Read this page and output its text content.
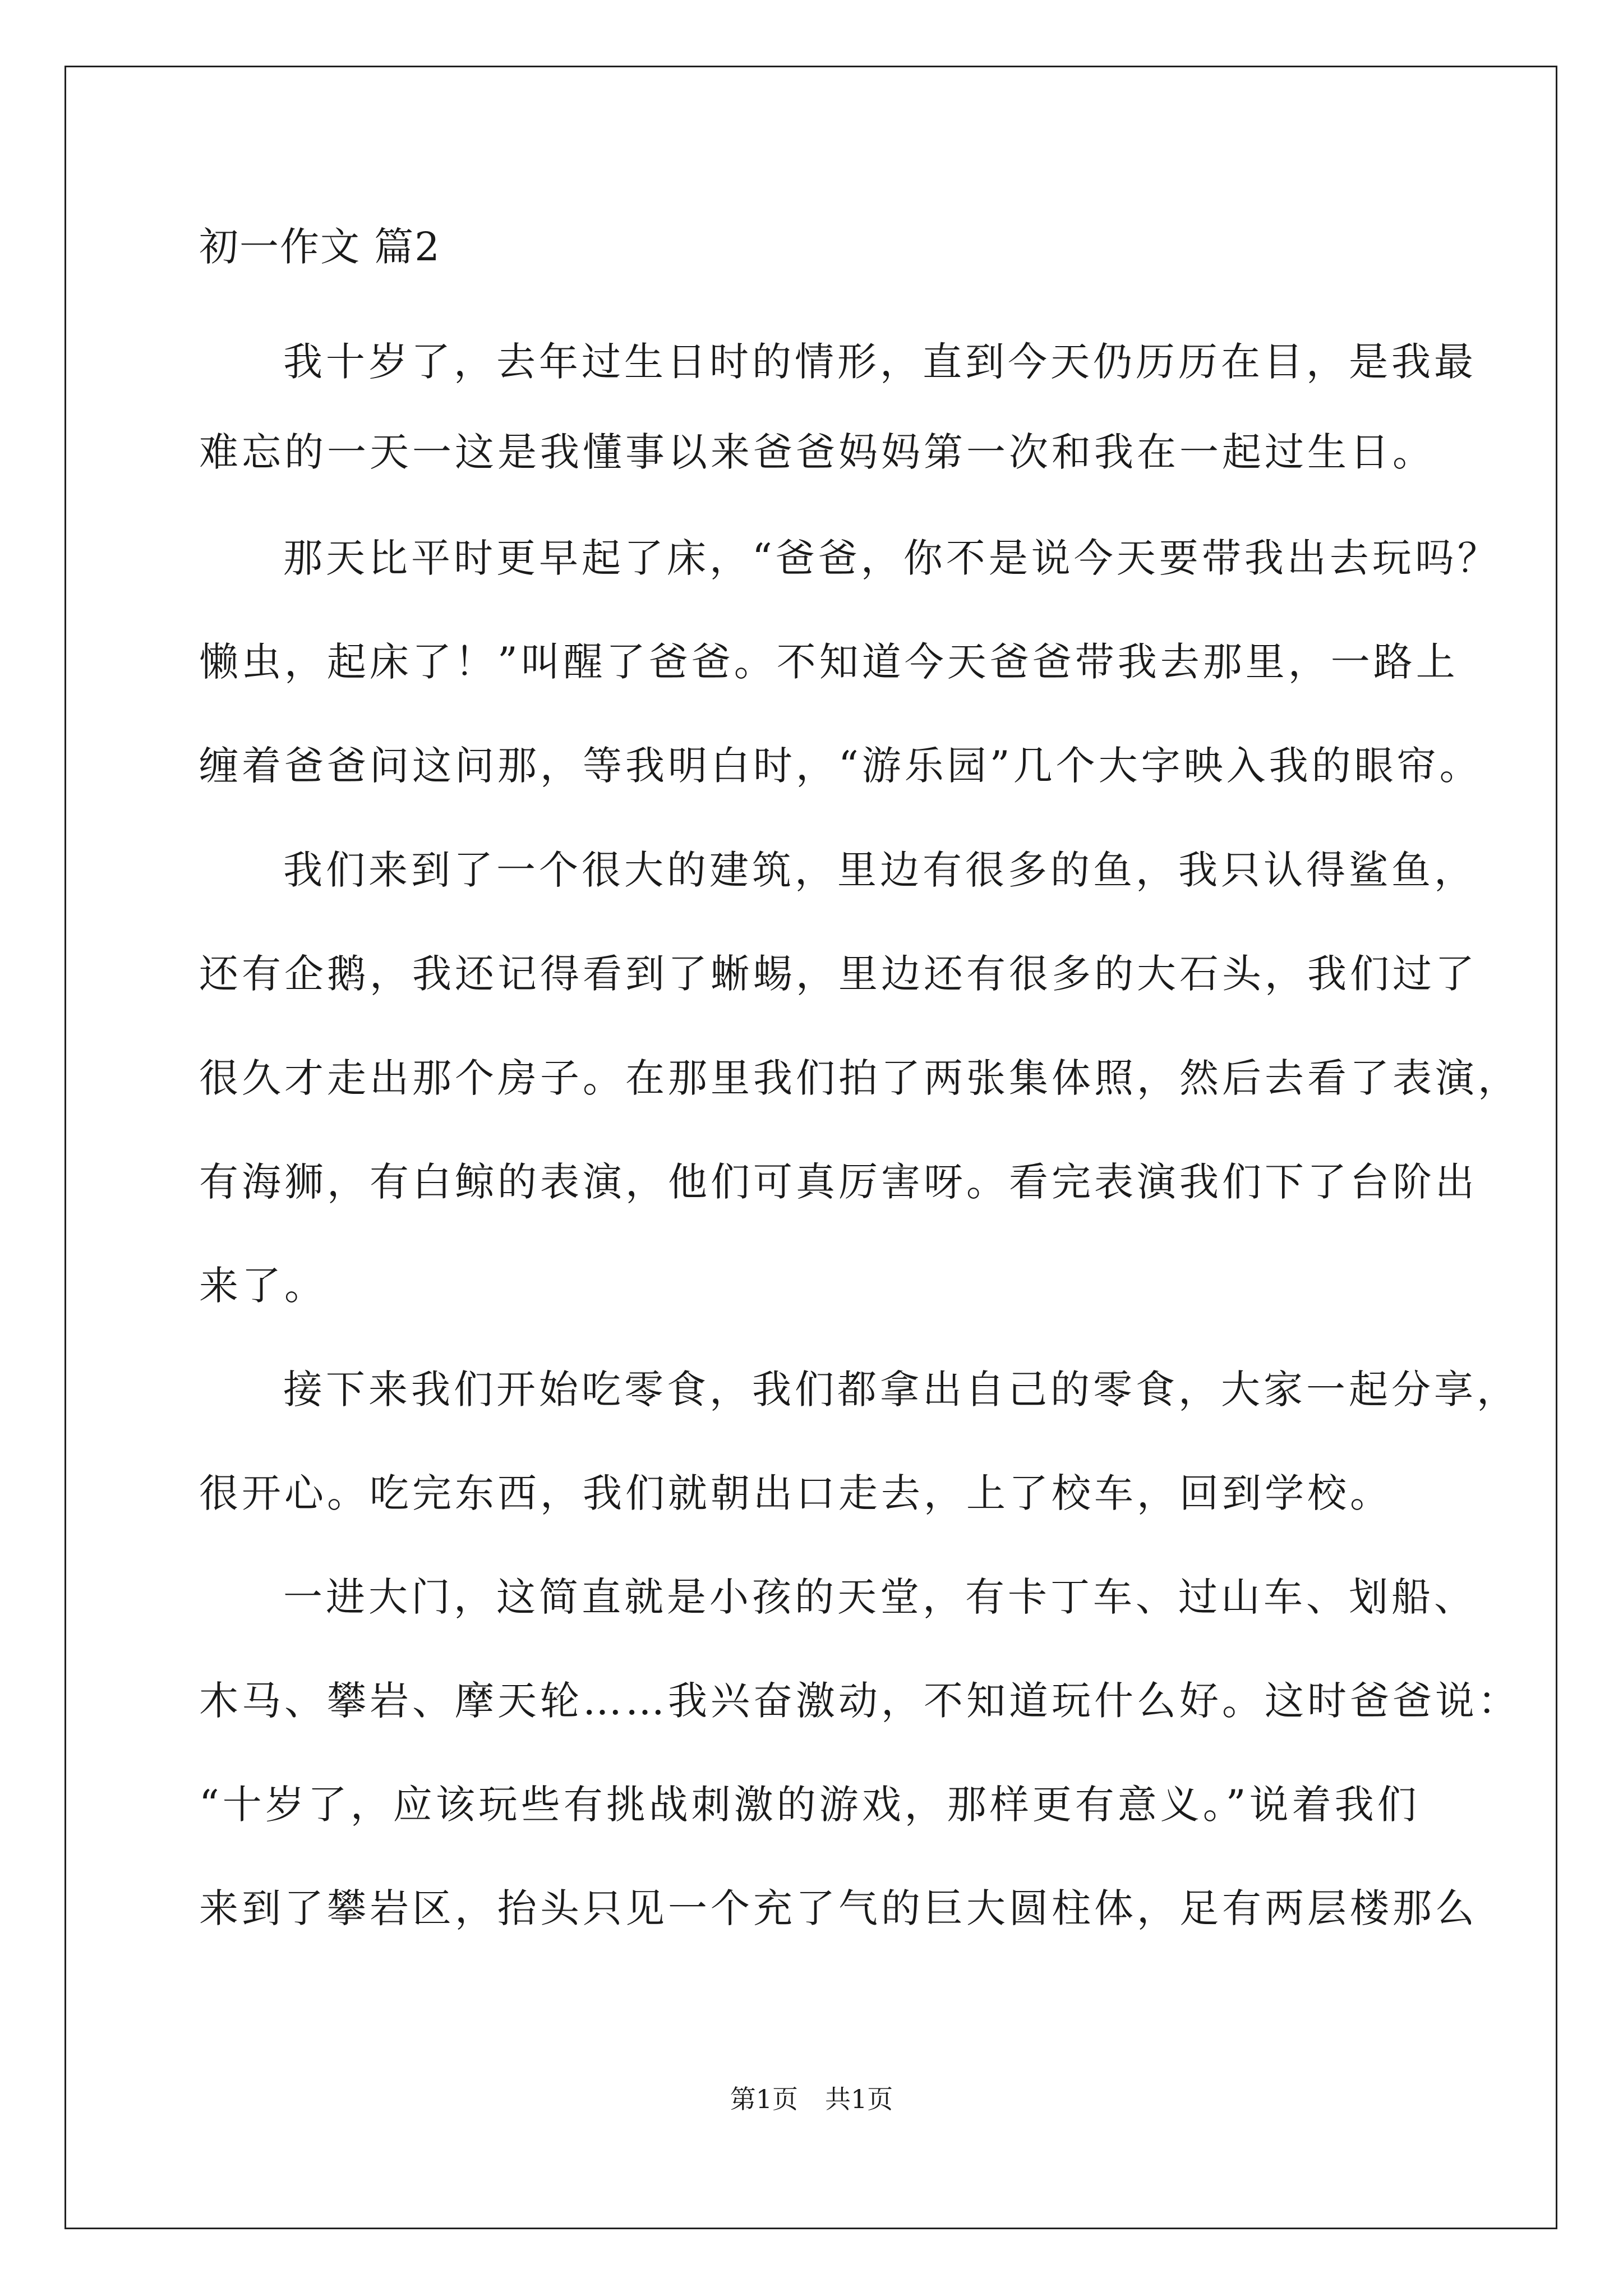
初一作文 篇2
我十岁了，去年过生日时的情形，直到今天仍历历在目，是我最
难忘的一天一这是我懂事以来爸爸妈妈第一次和我在一起过生日。
那天比平时更早起了床，“爸爸，你不是说今天要带我出去玩吗？
懒虫，起床了！”叫醒了爸爸。不知道今天爸爸带我去那里，一路上
缠着爸爸问这问那，等我明白时，“游乐园”几个大字映入我的眼帘。
我们来到了一个很大的建筑，里边有很多的鱼，我只认得鲨鱼，
还有企鹅，我还记得看到了蜥蜴，里边还有很多的大石头，我们过了
很久才走出那个房子。在那里我们拍了两张集体照，然后去看了表演，
有海狮，有白鲸的表演，他们可真厉害呀。看完表演我们下了台阶出
来了。
接下来我们开始吃零食，我们都拿出自己的零食，大家一起分享，
很开心。吃完东西，我们就朝出口走去，上了校车，回到学校。
一进大门，这简直就是小孩的天堂，有卡丁车、过山车、划船、
木马、攀岩、摩天轮……我兴奋激动，不知道玩什么好。这时爸爸说：
“十岁了，应该玩些有挑战刺激的游戏，那样更有意义。”说着我们
来到了攀岩区，抬头只见一个充了气的巨大圆柱体，足有两层楼那么
第1页 共1页
